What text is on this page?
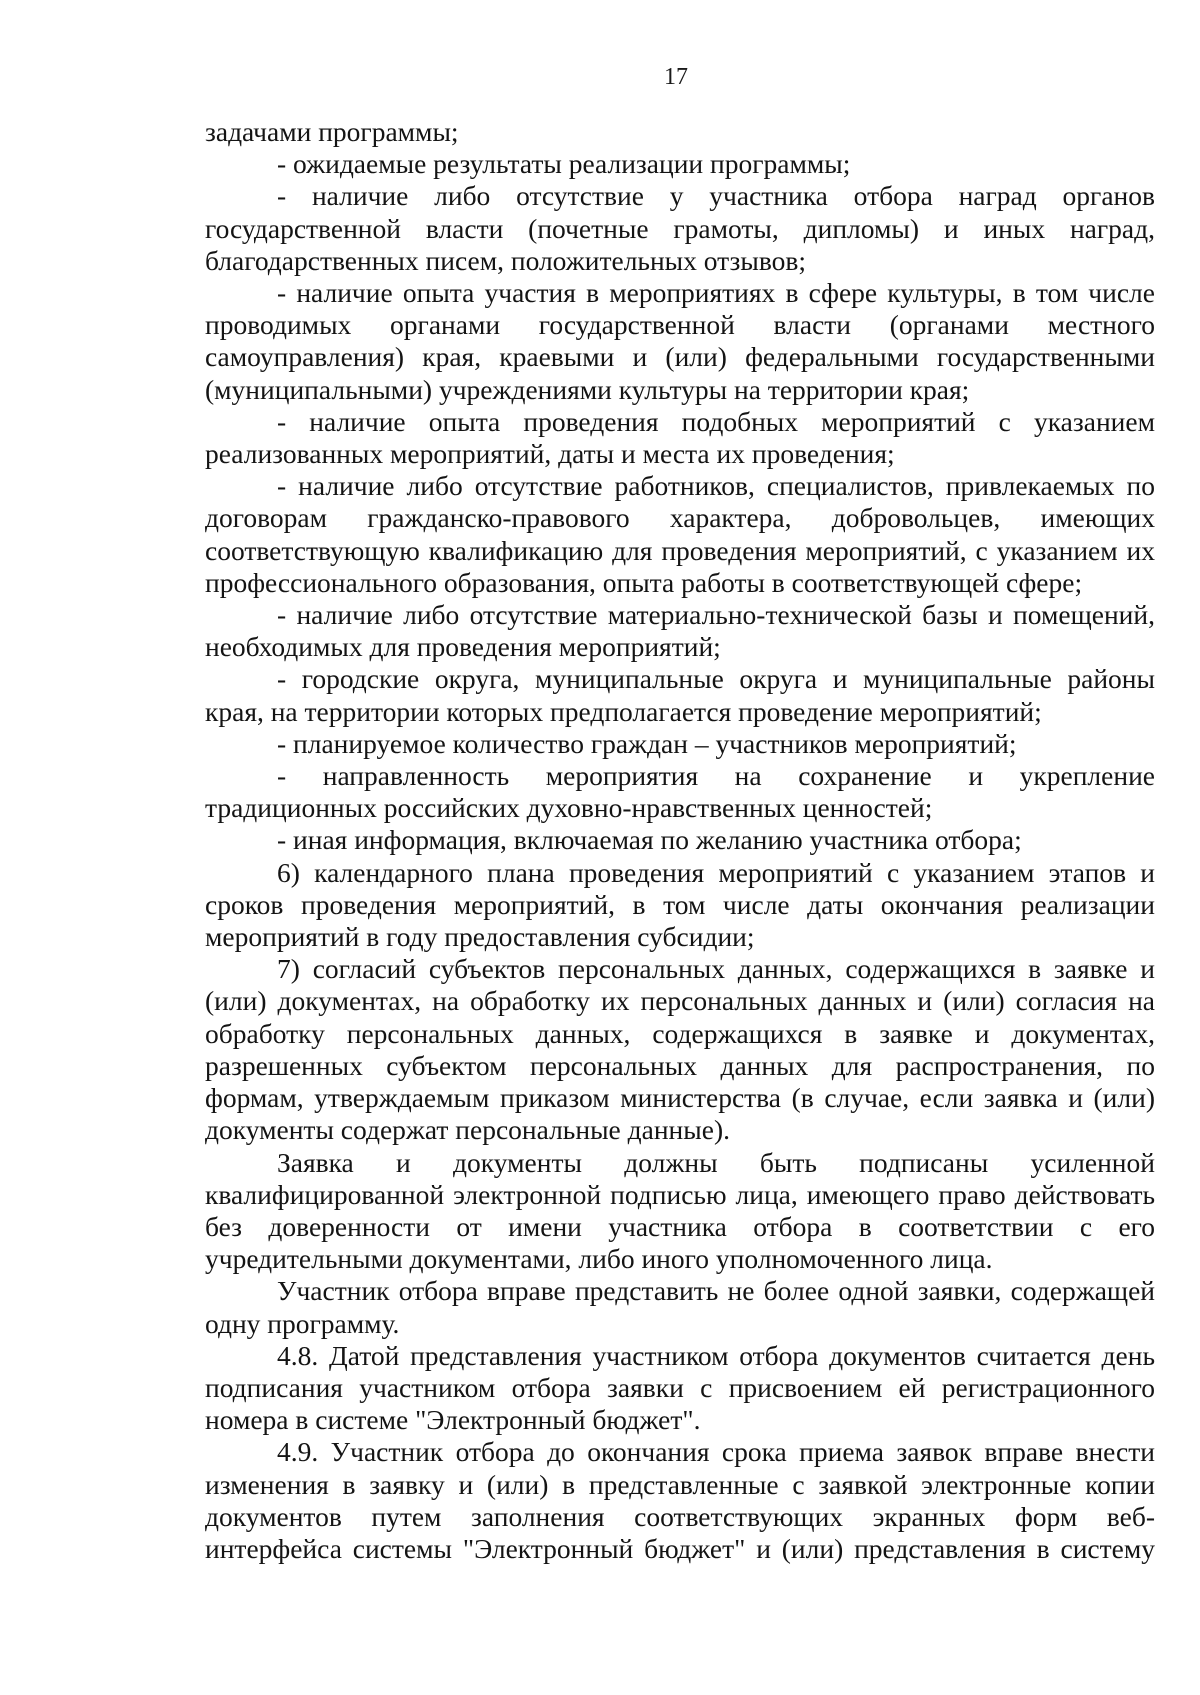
17

задачами программы;

- ожидаемые результаты реализации программы;

- наличие либо отсутствие у участника отбора наград органов государственной власти (почетные грамоты, дипломы) и иных наград, благодарственных писем, положительных отзывов;

- наличие опыта участия в мероприятиях в сфере культуры, в том числе проводимых органами государственной власти (органами местного самоуправления) края, краевыми и (или) федеральными государственными (муниципальными) учреждениями культуры на территории края;

- наличие опыта проведения подобных мероприятий с указанием реализованных мероприятий, даты и места их проведения;

- наличие либо отсутствие работников, специалистов, привлекаемых по договорам гражданско-правового характера, добровольцев, имеющих соответствующую квалификацию для проведения мероприятий, с указанием их профессионального образования, опыта работы в соответствующей сфере;

- наличие либо отсутствие материально-технической базы и помещений, необходимых для проведения мероприятий;

- городские округа, муниципальные округа и муниципальные районы края, на территории которых предполагается проведение мероприятий;

- планируемое количество граждан – участников мероприятий;

- направленность мероприятия на сохранение и укрепление традиционных российских духовно-нравственных ценностей;

- иная информация, включаемая по желанию участника отбора;

6) календарного плана проведения мероприятий с указанием этапов и сроков проведения мероприятий, в том числе даты окончания реализации мероприятий в году предоставления субсидии;

7) согласий субъектов персональных данных, содержащихся в заявке и (или) документах, на обработку их персональных данных и (или) согласия на обработку персональных данных, содержащихся в заявке и документах, разрешенных субъектом персональных данных для распространения, по формам, утверждаемым приказом министерства (в случае, если заявка и (или) документы содержат персональные данные).

Заявка и документы должны быть подписаны усиленной квалифицированной электронной подписью лица, имеющего право действовать без доверенности от имени участника отбора в соответствии с его учредительными документами, либо иного уполномоченного лица.

Участник отбора вправе представить не более одной заявки, содержащей одну программу.

4.8. Датой представления участником отбора документов считается день подписания участником отбора заявки с присвоением ей регистрационного номера в системе "Электронный бюджет".

4.9. Участник отбора до окончания срока приема заявок вправе внести изменения в заявку и (или) в представленные с заявкой электронные копии документов путем заполнения соответствующих экранных форм веб-интерфейса системы "Электронный бюджет" и (или) представления в систему
